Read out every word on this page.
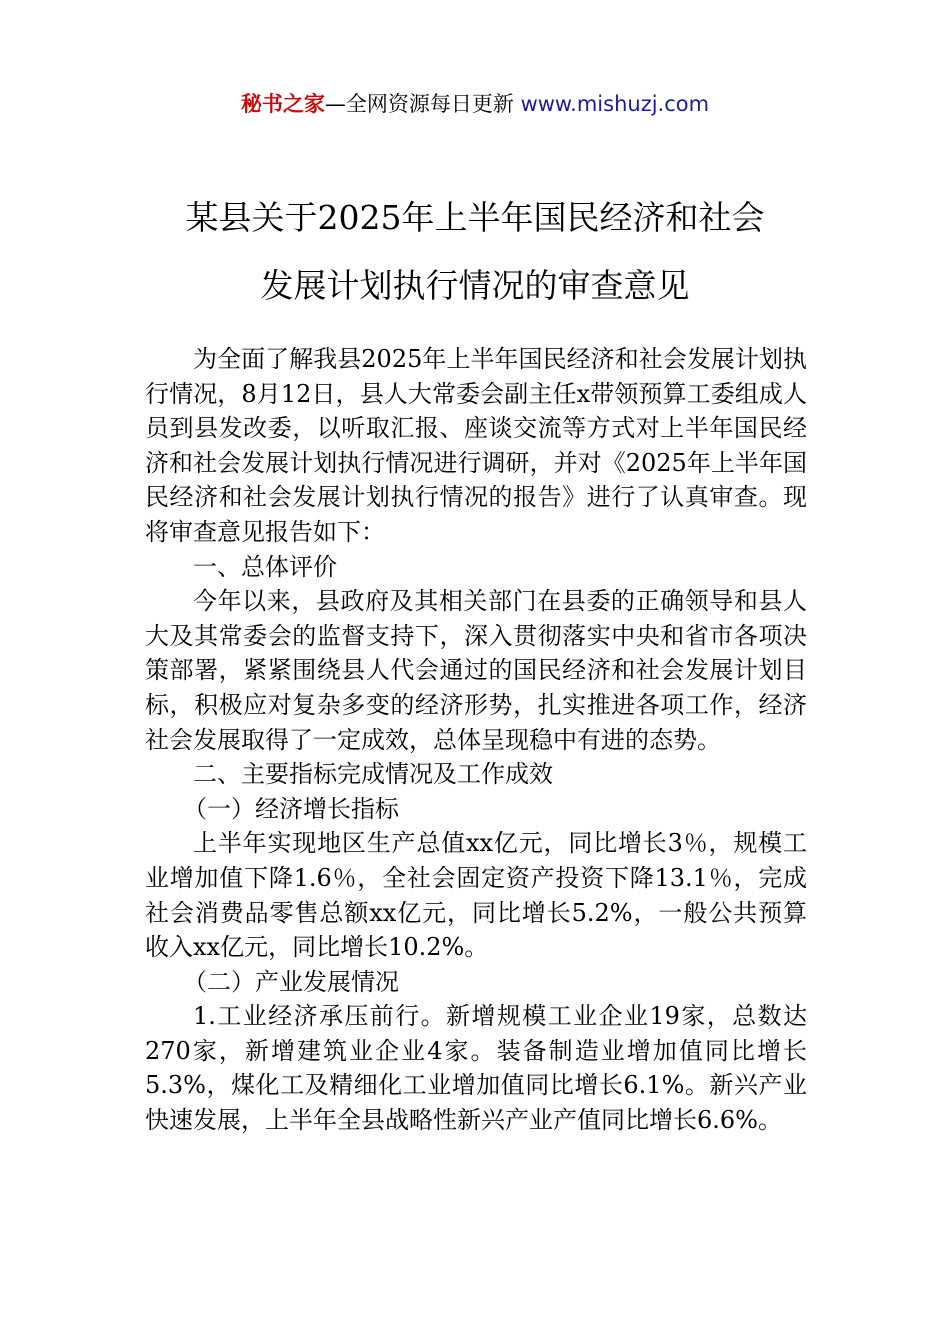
秘书之家—全网资源每日更新 www.mishuzj.com
某县关于2025年上半年国民经济和社会
发展计划执行情况的审查意见

为全面了解我县2025年上半年国民经济和社会发展计划执行情况，8月12日，县人大常委会副主任x带领预算工委组成人员到县发改委，以听取汇报、座谈交流等方式对上半年国民经济和社会发展计划执行情况进行调研，并对《2025年上半年国民经济和社会发展计划执行情况的报告》进行了认真审查。现将审查意见报告如下：

一、总体评价

今年以来，县政府及其相关部门在县委的正确领导和县人大及其常委会的监督支持下，深入贯彻落实中央和省市各项决策部署，紧紧围绕县人代会通过的国民经济和社会发展计划目标，积极应对复杂多变的经济形势，扎实推进各项工作，经济社会发展取得了一定成效，总体呈现稳中有进的态势。

二、主要指标完成情况及工作成效

（一）经济增长指标

上半年实现地区生产总值xx亿元，同比增长3％，规模工业增加值下降1.6％，全社会固定资产投资下降13.1％，完成社会消费品零售总额xx亿元，同比增长5.2%，一般公共预算收入xx亿元，同比增长10.2%。

（二）产业发展情况

1.工业经济承压前行。新增规模工业企业19家，总数达270家，新增建筑业企业4家。装备制造业增加值同比增长5.3%，煤化工及精细化工业增加值同比增长6.1%。新兴产业快速发展，上半年全县战略性新兴产业产值同比增长6.6%。
